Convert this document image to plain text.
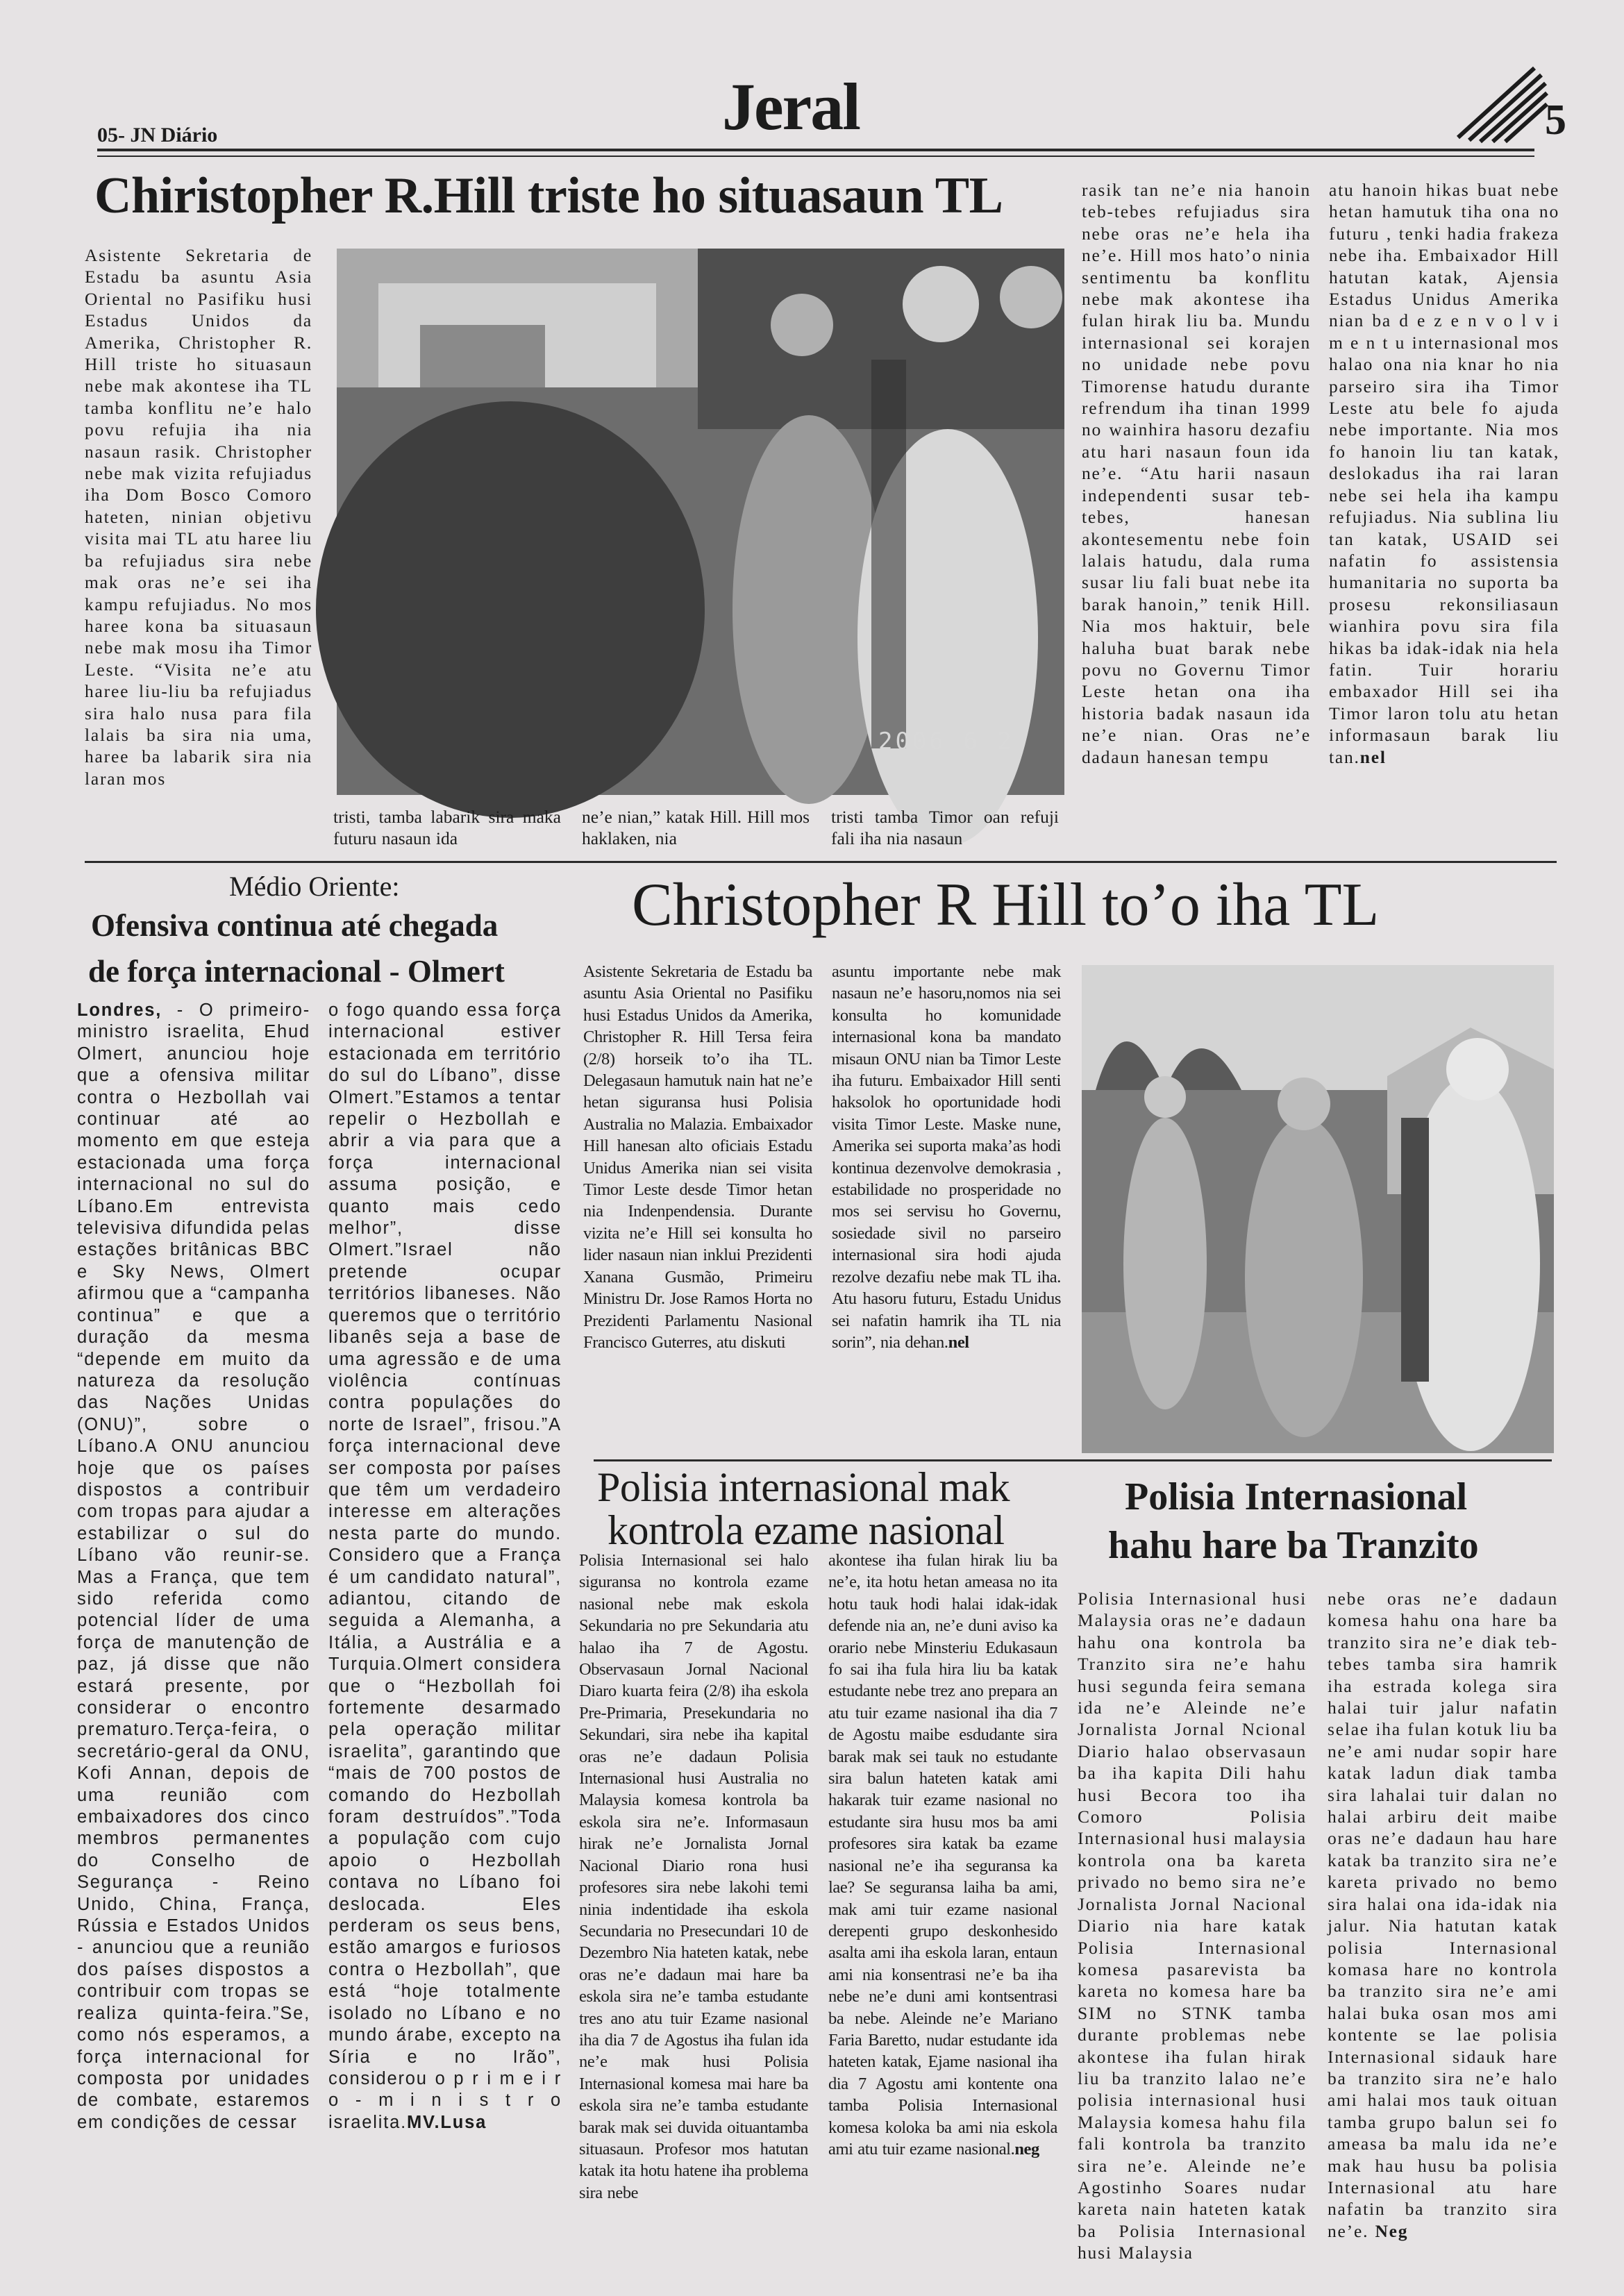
05- JN Diário	Jeral	5
Chiristopher R.Hill triste ho situasaun TL
2006 6 2

Asistente Sekretaria de Estadu ba asuntu Asia Oriental no Pasifiku husi Estadus Unidos da Amerika, Christopher R. Hill triste ho situasaun nebe mak akontese iha TL tamba konflitu ne’e halo povu refujia iha nia nasaun rasik. Christopher nebe mak vizita refujiadus iha Dom Bosco Comoro hateten, ninian objetivu visita mai TL atu haree liu ba refujiadus sira nebe mak oras ne’e sei iha kampu refujiadus. No mos haree kona ba situasaun nebe mak mosu iha Timor Leste. “Visita ne’e atu haree liu-liu ba refujiadus sira halo nusa para fila lalais ba sira nia uma, haree ba labarik sira nia laran mos

tristi, tamba labarik sira maka futuru nasaun ida

ne’e nian,” katak Hill. Hill mos haklaken, nia

tristi tamba Timor oan refuji fali iha nia nasaun

rasik tan ne’e nia hanoin teb-tebes refujiadus sira nebe oras ne’e hela iha ne’e. Hill mos hato’o ninia sentimentu ba konflitu nebe mak akontese iha fulan hirak liu ba. Mundu internasional sei korajen no unidade nebe povu Timorense hatudu durante refrendum iha tinan 1999 no wainhira hasoru dezafiu atu hari nasaun foun ida ne’e. “Atu harii nasaun independenti susar teb-tebes, hanesan akontesementu nebe foin lalais hatudu, dala ruma susar liu fali buat nebe ita barak hanoin,” tenik Hill. Nia mos haktuir, bele haluha buat barak nebe povu no Governu Timor Leste hetan ona iha historia badak nasaun ida ne’e nian. Oras ne’e dadaun hanesan tempu

atu hanoin hikas buat nebe hetan hamutuk tiha ona no futuru , tenki hadia frakeza nebe iha. Embaixador Hill hatutan katak, Ajensia Estadus Unidus Amerika nian ba d e z e n v o l v i m e n t u internasional mos halao ona nia knar ho nia parseiro sira iha Timor Leste atu bele fo ajuda nebe importante. Nia mos fo hanoin liu tan katak, deslokadus iha rai laran nebe sei hela iha kampu refujiadus. Nia sublina liu tan katak, USAID sei nafatin fo assistensia humanitaria no suporta ba prosesu rekonsiliasaun wianhira povu sira fila hikas ba idak-idak nia hela fatin. Tuir horariu embaxador Hill sei iha Timor laron tolu atu hetan informasaun barak liu tan.nel

Médio Oriente:
Ofensiva continua até chegada
de força internacional - Olmert

Londres, - O primeiro-ministro israelita, Ehud Olmert, anunciou hoje que a ofensiva militar contra o Hezbollah vai continuar até ao momento em que esteja estacionada uma força internacional no sul do Líbano.Em entrevista televisiva difundida pelas estações britânicas BBC e Sky News, Olmert afirmou que a “campanha continua” e que a duração da mesma “depende em muito da natureza da resolução das Nações Unidas (ONU)”, sobre o Líbano.A ONU anunciou hoje que os países dispostos a contribuir com tropas para ajudar a estabilizar o sul do Líbano vão reunir-se. Mas a França, que tem sido referida como potencial líder de uma força de manutenção de paz, já disse que não estará presente, por considerar o encontro prematuro.Terça-feira, o secretário-geral da ONU, Kofi Annan, depois de uma reunião com embaixadores dos cinco membros permanentes do Conselho de Segurança - Reino Unido, China, França, Rússia e Estados Unidos - anunciou que a reunião dos países dispostos a contribuir com tropas se realiza quinta-feira.”Se, como nós esperamos, a força internacional for composta por unidades de combate, estaremos em condições de cessar

o fogo quando essa força internacional estiver estacionada em território do sul do Líbano”, disse Olmert.”Estamos a tentar repelir o Hezbollah e abrir a via para que a força internacional assuma posição, e quanto mais cedo melhor”, disse Olmert.”Israel não pretende ocupar territórios libaneses. Não queremos que o território libanês seja a base de uma agressão e de uma violência contínuas contra populações do norte de Israel”, frisou.”A força internacional deve ser composta por países que têm um verdadeiro interesse em alterações nesta parte do mundo. Considero que a França é um candidato natural”, adiantou, citando de seguida a Alemanha, a Itália, a Austrália e a Turquia.Olmert considera que o “Hezbollah foi fortemente desarmado pela operação militar israelita”, garantindo que “mais de 700 postos de comando do Hezbollah foram destruídos”.”Toda a população com cujo apoio o Hezbollah contava no Líbano foi deslocada. Eles perderam os seus bens, estão amargos e furiosos contra o Hezbollah”, que está “hoje totalmente isolado no Líbano e no mundo árabe, excepto na Síria e no Irão”, considerou o p r i m e i r o - m i n i s t r o israelita.MV.Lusa

Christopher R Hill to’o iha TL

Asistente Sekretaria de Estadu ba asuntu Asia Oriental no Pasifiku husi Estadus Unidos da Amerika, Christopher R. Hill Tersa feira (2/8) horseik to’o iha TL. Delegasaun hamutuk nain hat ne’e hetan siguransa husi Polisia Australia no Malazia. Embaixador Hill hanesan alto oficiais Estadu Unidus Amerika nian sei visita Timor Leste desde Timor hetan nia Indenpendensia. Durante vizita ne’e Hill sei konsulta ho lider nasaun nian inklui Prezidenti Xanana Gusmão, Primeiru Ministru Dr. Jose Ramos Horta no Prezidenti Parlamentu Nasional Francisco Guterres, atu diskuti

asuntu importante nebe mak nasaun ne’e hasoru,nomos nia sei konsulta ho komunidade internasional kona ba mandato misaun ONU nian ba Timor Leste iha futuru. Embaixador Hill senti haksolok ho oportunidade hodi visita Timor Leste. Maske nune, Amerika sei suporta maka’as hodi kontinua dezenvolve demokrasia , estabilidade no prosperidade no mos sei servisu ho Governu, sosiedade sivil no parseiro internasional sira hodi ajuda rezolve dezafiu nebe mak TL iha. Atu hasoru futuru, Estadu Unidus sei nafatin hamrik iha TL nia sorin”, nia dehan.nel

Polisia internasional mak
kontrola ezame nasional

Polisia Internasional sei halo siguransa no kontrola ezame nasional nebe mak eskola Sekundaria no pre Sekundaria atu halao iha 7 de Agostu. Observasaun Jornal Nacional Diaro kuarta feira (2/8) iha eskola Pre-Primaria, Presekundaria no Sekundari, sira nebe iha kapital oras ne’e dadaun Polisia Internasional husi Australia no Malaysia komesa kontrola ba eskola sira ne’e. Informasaun hirak ne’e Jornalista Jornal Nacional Diario rona husi profesores sira nebe lakohi temi ninia indentidade iha eskola Secundaria no Presecundari 10 de Dezembro Nia hateten katak, nebe oras ne’e dadaun mai hare ba eskola sira ne’e tamba estudante tres ano atu tuir Ezame nasional iha dia 7 de Agostus iha fulan ida ne’e mak husi Polisia Internasional komesa mai hare ba eskola sira ne’e tamba estudante barak mak sei duvida oituantamba situasaun. Profesor mos hatutan katak ita hotu hatene iha problema sira nebe

akontese iha fulan hirak liu ba ne’e, ita hotu hetan ameasa no ita hotu tauk hodi halai idak-idak defende nia an, ne’e duni aviso ka orario nebe Minsteriu Edukasaun fo sai iha fula hira liu ba katak estudante nebe trez ano prepara an atu tuir ezame nasional iha dia 7 de Agostu maibe esdudante sira barak mak sei tauk no estudante sira balun hateten katak ami hakarak tuir ezame nasional no estudante sira husu mos ba ami profesores sira katak ba ezame nasional ne’e iha seguransa ka lae? Se seguransa laiha ba ami, mak ami tuir ezame nasional derepenti grupo deskonhesido asalta ami iha eskola laran, entaun ami nia konsentrasi ne’e ba iha nebe ne’e duni ami kontsentrasi ba nebe. Aleinde ne’e Mariano Faria Baretto, nudar estudante ida hateten katak, Ejame nasional iha dia 7 Agostu ami kontente ona tamba Polisia Internasional komesa koloka ba ami nia eskola ami atu tuir ezame nasional.neg

Polisia Internasional
hahu hare ba Tranzito

Polisia Internasional husi Malaysia oras ne’e dadaun hahu ona kontrola ba Tranzito sira ne’e hahu husi segunda feira semana ida ne’e Aleinde ne’e Jornalista Jornal Ncional Diario halao observasaun ba iha kapita Dili hahu husi Becora too iha Comoro Polisia Internasional husi malaysia kontrola ona ba kareta privado no bemo sira ne’e Jornalista Jornal Nacional Diario nia hare katak Polisia Internasional komesa pasarevista ba kareta no komesa hare ba SIM no STNK tamba durante problemas nebe akontese iha fulan hirak liu ba tranzito lalao ne’e polisia internasional husi Malaysia komesa hahu fila fali kontrola ba tranzito sira ne’e. Aleinde ne’e Agostinho Soares nudar kareta nain hateten katak ba Polisia Internasional husi Malaysia

nebe oras ne’e dadaun komesa hahu ona hare ba tranzito sira ne’e diak teb-tebes tamba sira hamrik iha estrada kolega sira halai tuir jalur nafatin selae iha fulan kotuk liu ba ne’e ami nudar sopir hare katak ladun diak tamba sira lahalai tuir dalan no halai arbiru deit maibe oras ne’e dadaun hau hare katak ba tranzito sira ne’e kareta privado no bemo sira halai ona ida-idak nia jalur. Nia hatutan katak polisia Internasional komasa hare no kontrola ba tranzito sira ne’e ami halai buka osan mos ami kontente se lae polisia Internasional sidauk hare ba tranzito sira ne’e halo ami halai mos tauk oituan tamba grupo balun sei fo ameasa ba malu ida ne’e mak hau husu ba polisia Internasional atu hare nafatin ba tranzito sira ne’e. Neg
